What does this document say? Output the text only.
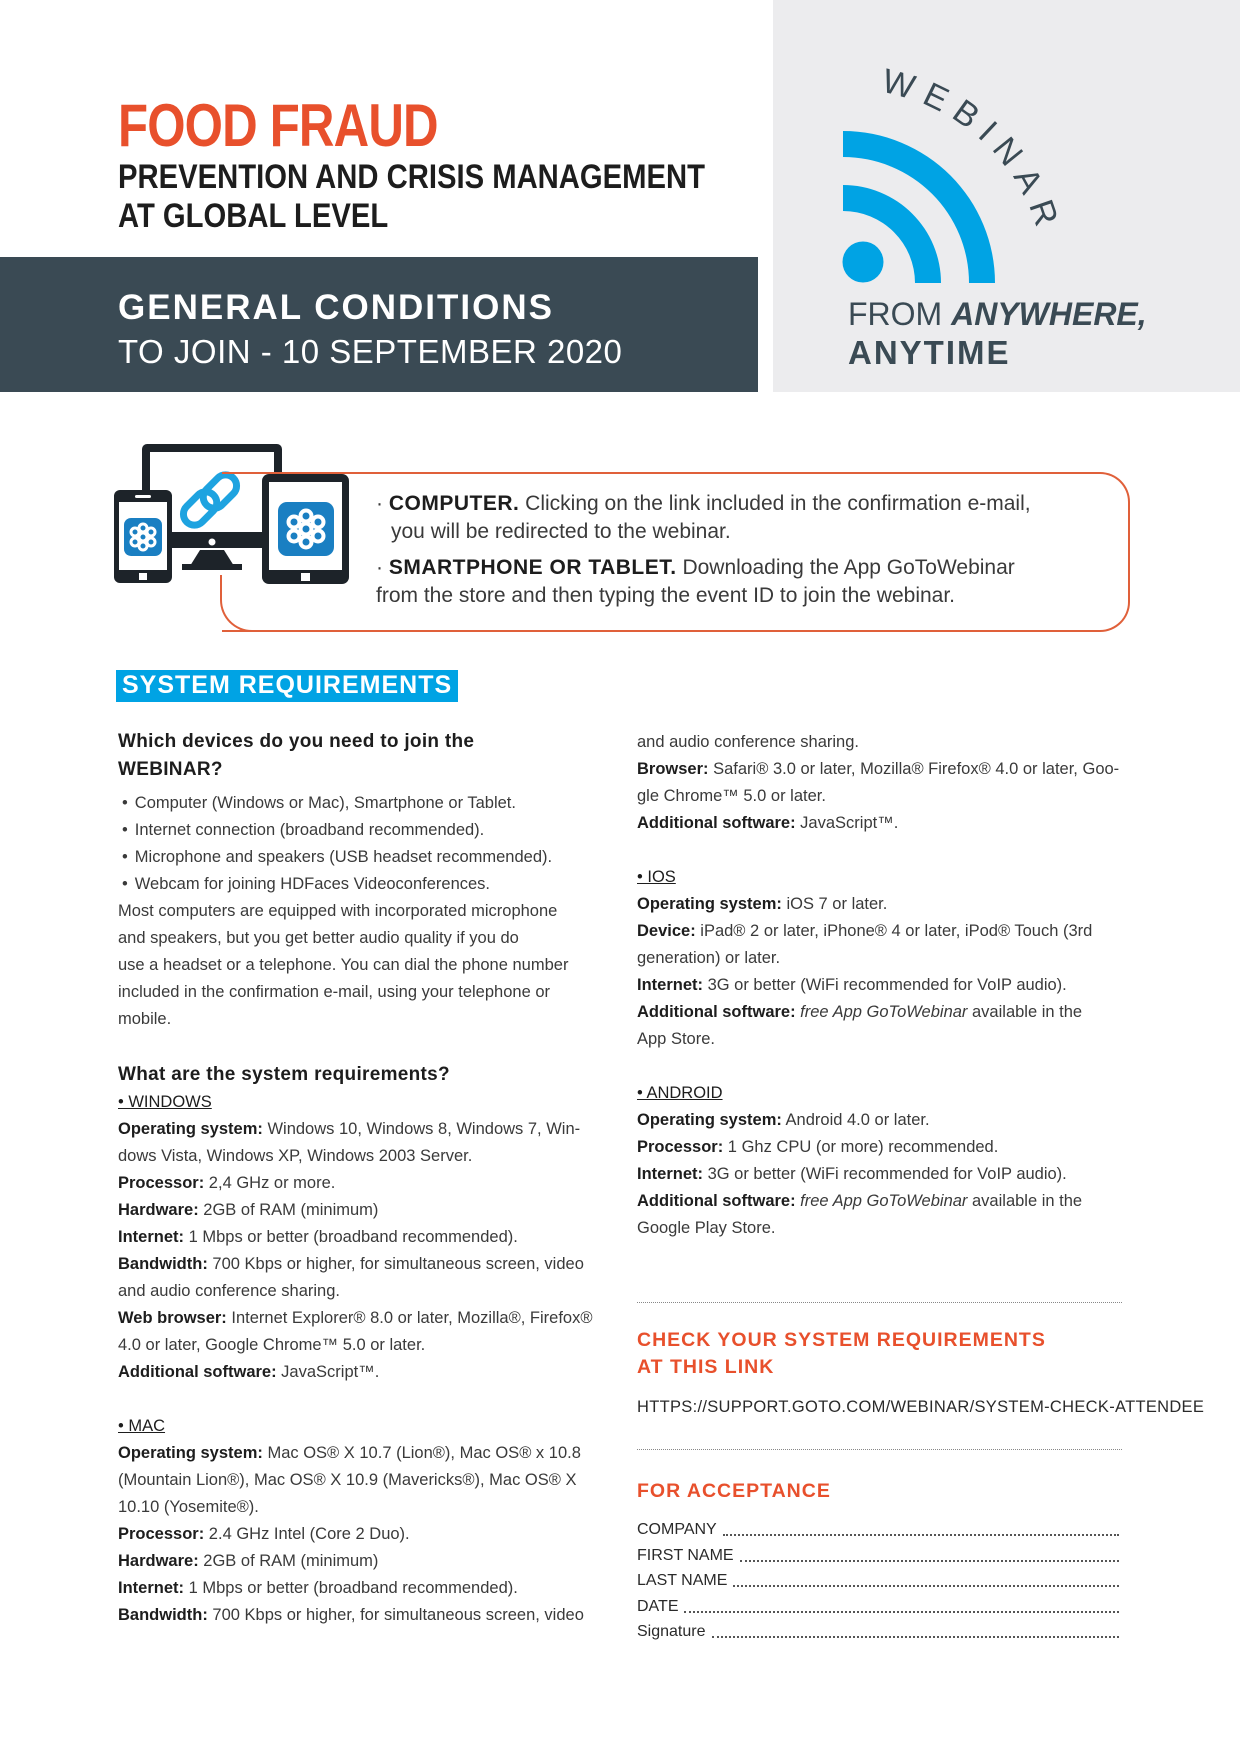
FOOD FRAUD
PREVENTION AND CRISIS MANAGEMENT
AT GLOBAL LEVEL
GENERAL CONDITIONS
TO JOIN - 10 SEPTEMBER 2020
WEBINAR
FROM ANYWHERE,
ANYTIME

· COMPUTER. Clicking on the link included in the confirmation e-mail,
you will be redirected to the webinar.

· SMARTPHONE OR TABLET. Downloading the App GoToWebinar
from the store and then typing the event ID to join the webinar.

SYSTEM REQUIREMENTS
Which devices do you need to join the
WEBINAR?
• Computer (Windows or Mac), Smartphone or Tablet.
• Internet connection (broadband recommended).
• Microphone and speakers (USB headset recommended).
• Webcam for joining HDFaces Videoconferences.
Most computers are equipped with incorporated microphone
and speakers, but you get better audio quality if you do
use a headset or a telephone. You can dial the phone number
included in the confirmation e-mail, using your telephone or
mobile.
What are the system requirements?
• WINDOWS
Operating system: Windows 10, Windows 8, Windows 7, Win-
dows Vista, Windows XP, Windows 2003 Server.
Processor: 2,4 GHz or more.
Hardware: 2GB of RAM (minimum)
Internet: 1 Mbps or better (broadband recommended).
Bandwidth: 700 Kbps or higher, for simultaneous screen, video
and audio conference sharing.
Web browser: Internet Explorer® 8.0 or later, Mozilla®, Firefox®
4.0 or later, Google Chrome™ 5.0 or later.
Additional software: JavaScript™.
• MAC
Operating system: Mac OS® X 10.7 (Lion®), Mac OS® x 10.8
(Mountain Lion®), Mac OS® X 10.9 (Mavericks®), Mac OS® X
10.10 (Yosemite®).
Processor: 2.4 GHz Intel (Core 2 Duo).
Hardware: 2GB of RAM (minimum)
Internet: 1 Mbps or better (broadband recommended).
Bandwidth: 700 Kbps or higher, for simultaneous screen, video
and audio conference sharing.
Browser: Safari® 3.0 or later, Mozilla® Firefox® 4.0 or later, Goo-
gle Chrome™ 5.0 or later.
Additional software: JavaScript™.
• IOS
Operating system: iOS 7 or later.
Device: iPad® 2 or later, iPhone® 4 or later, iPod® Touch (3rd
generation) or later.
Internet: 3G or better (WiFi recommended for VoIP audio).
Additional software: free App GoToWebinar available in the
App Store.
• ANDROID
Operating system: Android 4.0 or later.
Processor: 1 Ghz CPU (or more) recommended.
Internet: 3G or better (WiFi recommended for VoIP audio).
Additional software: free App GoToWebinar available in the
Google Play Store.
CHECK YOUR SYSTEM REQUIREMENTS
AT THIS LINK
HTTPS://SUPPORT.GOTO.COM/WEBINAR/SYSTEM-CHECK-ATTENDEE
FOR ACCEPTANCE
COMPANY
FIRST NAME
LAST NAME
DATE
Signature
